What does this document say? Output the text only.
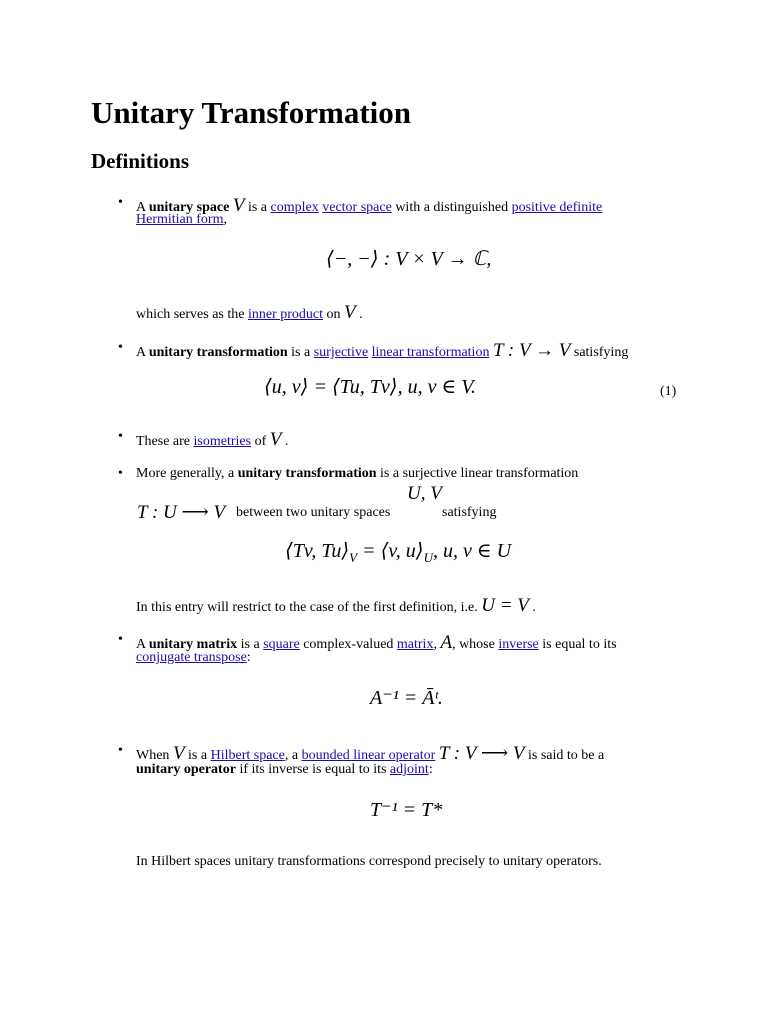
Unitary Transformation
Definitions
• A unitary space V is a complex vector space with a distinguished positive definite
Hermitian form,
⟨−, −⟩ : V × V → ℂ,
which serves as the inner product on V .
• A unitary transformation is a surjective linear transformation T : V → V satisfying
⟨u, v⟩ = ⟨Tu, Tv⟩, u, v ∈ V.	(1)
• These are isometries of V .
• More generally, a unitary transformation is a surjective linear transformation
U, V
T : U ⟶ V between two unitary spaces	satisfying
⟨Tv, $Tu⟩_V$ = ⟨v, $u⟩_U$, u, v ∈ U
In this entry will restrict to the case of the first definition, i.e. U = V .
• A unitary matrix is a square complex-valued matrix, A, whose inverse is equal to its
conjugate transpose:
A⁻¹ = Āᵗ.
• When V is a Hilbert space, a bounded linear operator T : V ⟶ V is said to be a
unitary operator if its inverse is equal to its adjoint:
T⁻¹ = T*
In Hilbert spaces unitary transformations correspond precisely to unitary operators.
